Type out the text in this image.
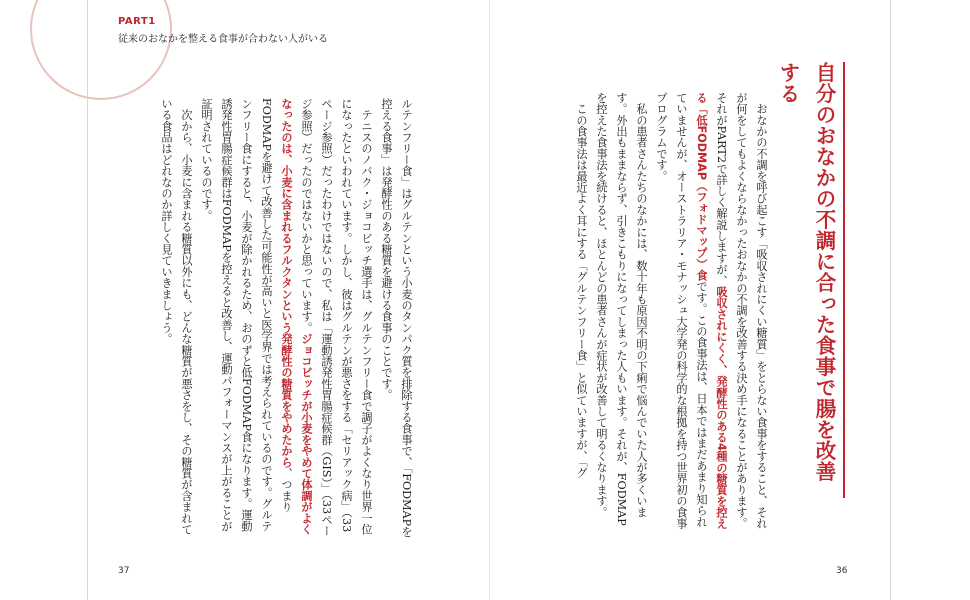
PART1
従来のおなかを整える食事が合わない人がいる
自分のおなかの不調に合った食事で腸を改善する

　おなかの不調を呼び起こす「吸収されにくい糖質」をとらない食事をすること、それが何をしてもよくならなかったおなかの不調を改善する決め手になることがあります。それがPART2で詳しく解説しますが、吸収されにくく、発酵性のある4種の糖質を控える「低FODMAP（フォドマップ）食です。この食事法は、日本ではまだあまり知られていませんが、オーストラリア・モナッシュ大学発の科学的な根拠を持つ世界初の食事プログラムです。

　私の患者さんたちのなかには、数十年も原因不明の下痢で悩んでいた人が多くいます。外出もままならず、引きこもりになってしまった人もいます。それが、FODMAPを控えた食事法を続けると、ほとんどの患者さんが症状が改善して明るくなります。

　この食事法は最近よく耳にする「グルテンフリー食」と似ていますが、「グ

ルテンフリー食」はグルテンという小麦のタンパク質を排除する食事で、「FODMAPを控える食事」は発酵性のある糖質を避ける食事のことです。

　テニスのノバク・ジョコビッチ選手は、グルテンフリー食で調子がよくなり世界一位になったといわれています。しかし、彼はグルテンが悪さをする「セリアック病」（33ページ参照）だったわけではないので、私は「運動誘発性胃腸症候群（GIS）」（33ページ参照）だったのではないかと思っています。ジョコビッチが小麦をやめて体調がよくなったのは、小麦に含まれるフルクタンという発酵性の糖質をやめたから、つまりFODMAPを避けて改善した可能性が高いと医学界では考えられているのです。グルテンフリー食にすると、小麦が除かれるため、おのずと低FODMAP食になります。運動誘発性胃腸症候群はFODMAPを控えると改善し、運動パフォーマンスが上がることが証明されているのです。

　次から、小麦に含まれる糖質以外にも、どんな糖質が悪さをし、その糖質が含まれている食品はどれなのか詳しく見ていきましょう。

37	36
